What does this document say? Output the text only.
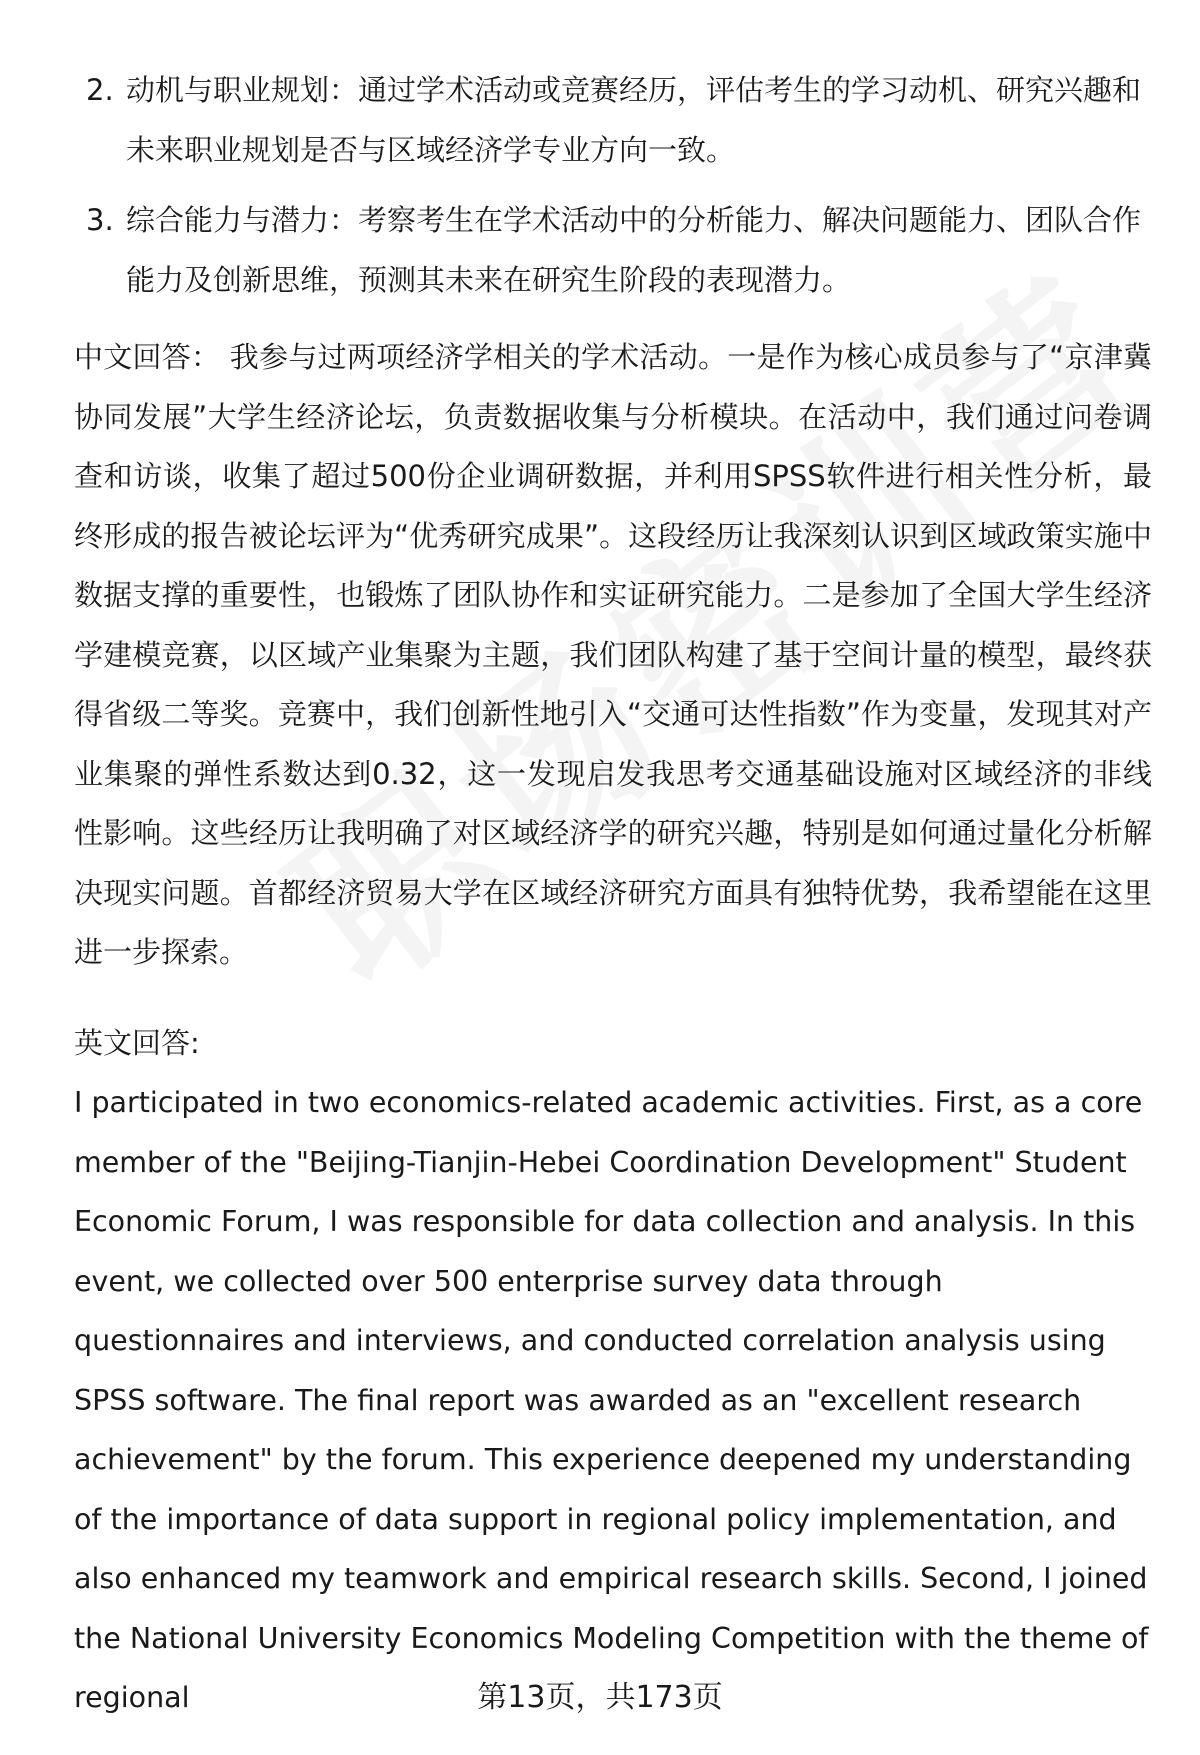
2. 动机与职业规划：通过学术活动或竞赛经历，评估考生的学习动机、研究兴趣和未来职业规划是否与区域经济学专业方向一致。
3. 综合能力与潜力：考察考生在学术活动中的分析能力、解决问题能力、团队合作能力及创新思维，预测其未来在研究生阶段的表现潜力。

中文回答： 我参与过两项经济学相关的学术活动。一是作为核心成员参与了“京津冀协同发展”大学生经济论坛，负责数据收集与分析模块。在活动中，我们通过问卷调查和访谈，收集了超过500份企业调研数据，并利用SPSS软件进行相关性分析，最终形成的报告被论坛评为“优秀研究成果”。这段经历让我深刻认识到区域政策实施中数据支撑的重要性，也锻炼了团队协作和实证研究能力。二是参加了全国大学生经济学建模竞赛，以区域产业集聚为主题，我们团队构建了基于空间计量的模型，最终获得省级二等奖。竞赛中，我们创新性地引入“交通可达性指数”作为变量，发现其对产业集聚的弹性系数达到0.32，这一发现启发我思考交通基础设施对区域经济的非线性影响。这些经历让我明确了对区域经济学的研究兴趣，特别是如何通过量化分析解决现实问题。首都经济贸易大学在区域经济研究方面具有独特优势，我希望能在这里进一步探索。

英文回答:

I participated in two economics-related academic activities. First, as a core member of the "Beijing-Tianjin-Hebei Coordination Development" Student Economic Forum, I was responsible for data collection and analysis. In this event, we collected over 500 enterprise survey data through questionnaires and interviews, and conducted correlation analysis using SPSS software. The final report was awarded as an "excellent research achievement" by the forum. This experience deepened my understanding of the importance of data support in regional policy implementation, and also enhanced my teamwork and empirical research skills. Second, I joined the National University Economics Modeling Competition with the theme of regional	第13页，共173页
